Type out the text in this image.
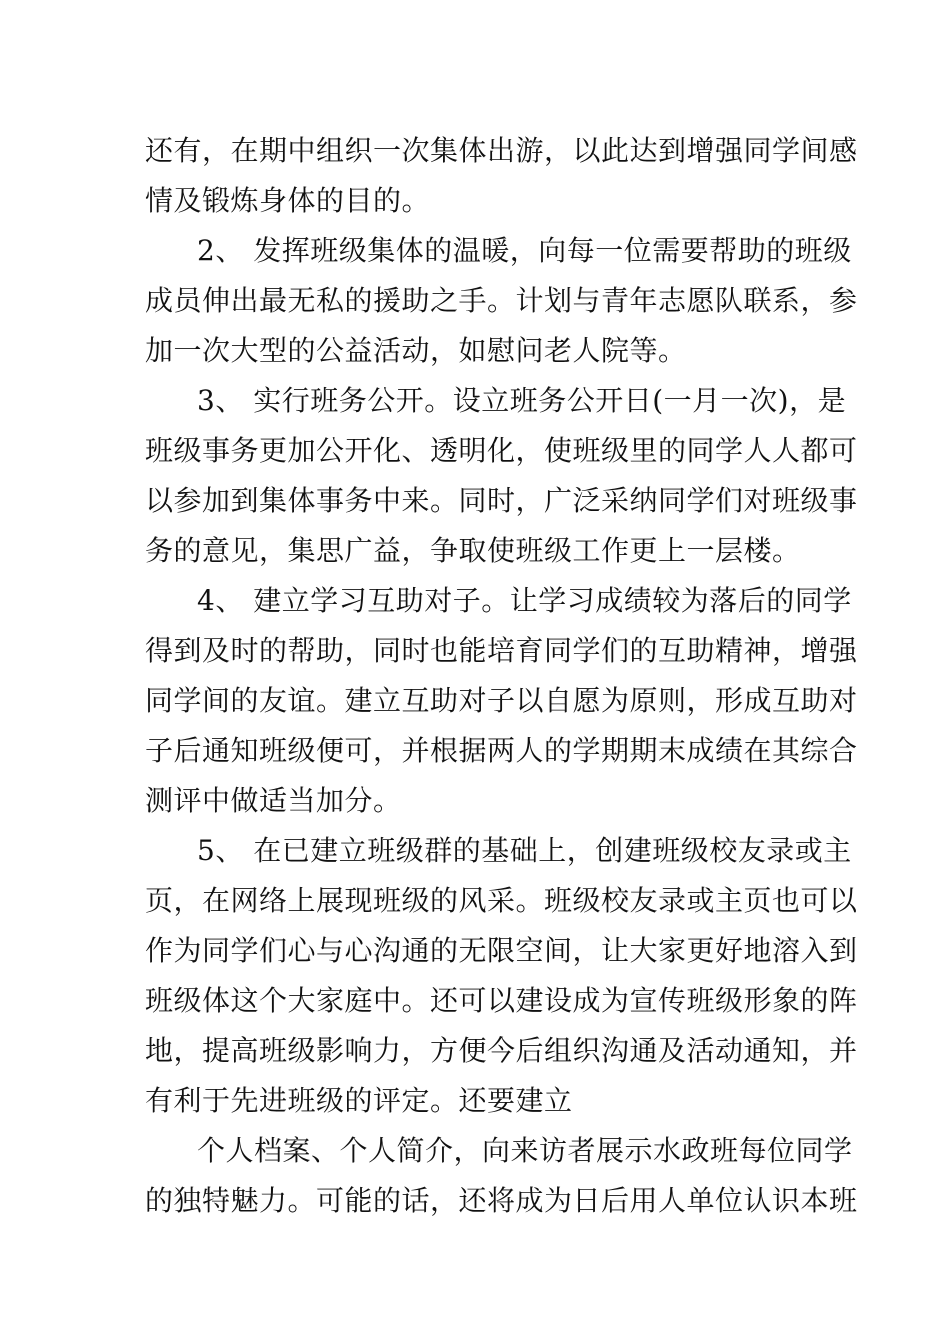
还有，在期中组织一次集体出游，以此达到增强同学间感
情及锻炼身体的目的。
2、 发挥班级集体的温暖，向每一位需要帮助的班级
成员伸出最无私的援助之手。计划与青年志愿队联系，参
加一次大型的公益活动，如慰问老人院等。
3、 实行班务公开。设立班务公开日(一月一次)，是
班级事务更加公开化、透明化，使班级里的同学人人都可
以参加到集体事务中来。同时，广泛采纳同学们对班级事
务的意见，集思广益，争取使班级工作更上一层楼。
4、 建立学习互助对子。让学习成绩较为落后的同学
得到及时的帮助，同时也能培育同学们的互助精神，增强
同学间的友谊。建立互助对子以自愿为原则，形成互助对
子后通知班级便可，并根据两人的学期期末成绩在其综合
测评中做适当加分。
5、 在已建立班级群的基础上，创建班级校友录或主
页，在网络上展现班级的风采。班级校友录或主页也可以
作为同学们心与心沟通的无限空间，让大家更好地溶入到
班级体这个大家庭中。还可以建设成为宣传班级形象的阵
地，提高班级影响力，方便今后组织沟通及活动通知，并
有利于先进班级的评定。还要建立
个人档案、个人简介，向来访者展示水政班每位同学
的独特魅力。可能的话，还将成为日后用人单位认识本班
